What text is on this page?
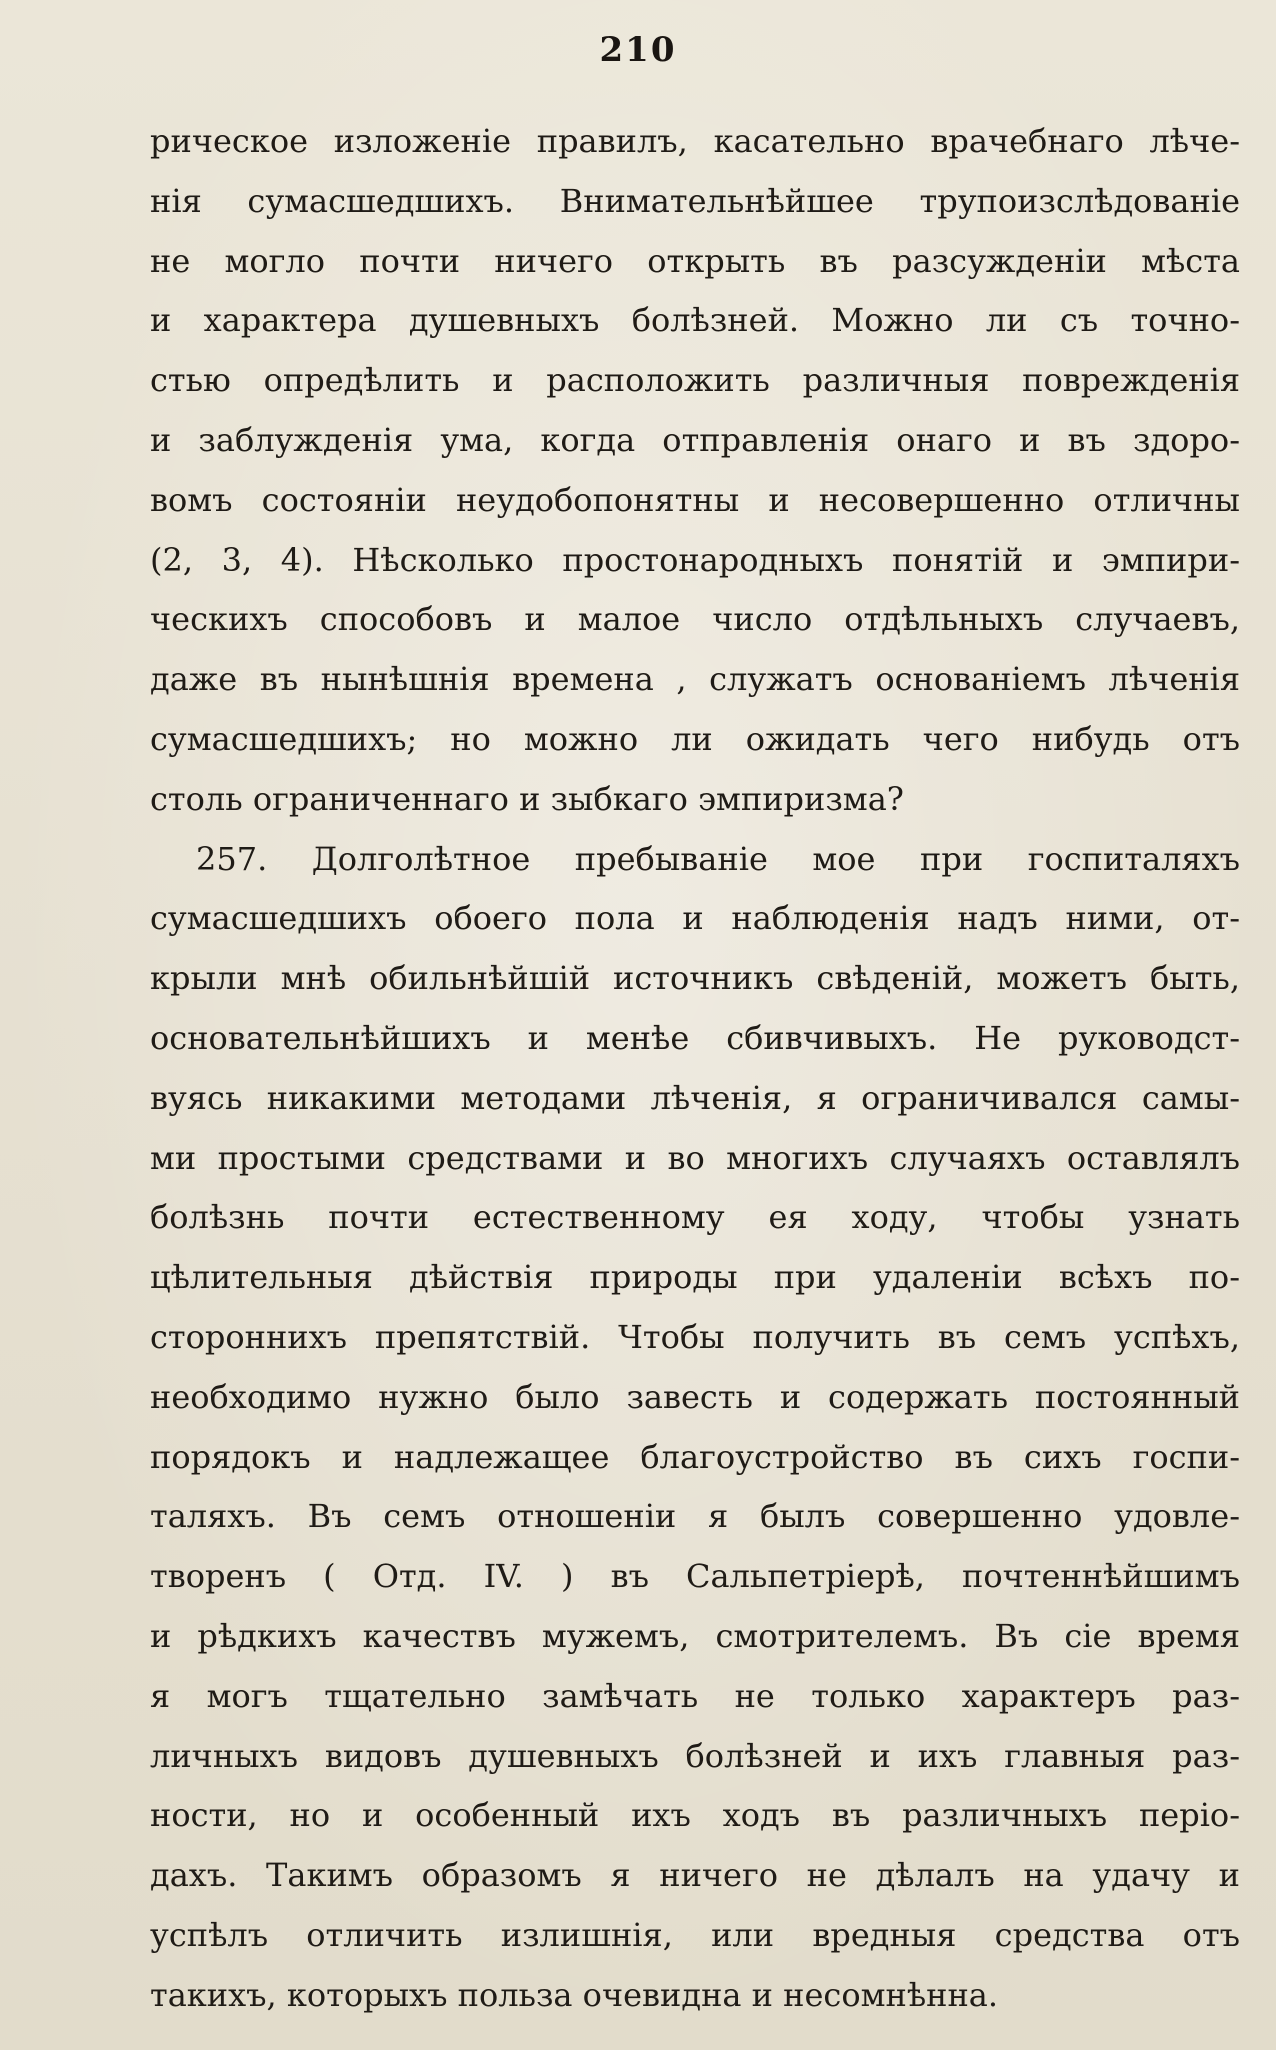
210
рическое изложенie правилъ, касательно врачебнаго лѣче-
нія сумасшедшихъ. Внимательнѣйшее трупоизслѣдованіе
не могло почти ничего открыть въ разсужденіи мѣста
и характера душевныхъ болѣзней. Можно ли съ точно-
стью опредѣлить и расположить различныя поврежденія
и заблужденія ума, когда отправленія онаго и въ здоро-
вомъ состояніи неудобопонятны и несовершенно отличны
(2, 3, 4). Нѣсколько простонародныхъ понятій и эмпири-
ческихъ способовъ и малое число отдѣльныхъ случаевъ,
даже въ нынѣшнія времена , служатъ основаніемъ лѣченія
сумасшедшихъ; но можно ли ожидать чего нибудь отъ
столь ограниченнаго и зыбкаго эмпиризма?
257. Долголѣтное пребываніе мое при госпиталяхъ
сумасшедшихъ обоего пола и наблюденія надъ ними, от-
крыли мнѣ обильнѣйшій источникъ свѣденій, можетъ быть,
основательнѣйшихъ и менѣе сбивчивыхъ. Не руководст-
вуясь никакими методами лѣченія, я ограничивался самы-
ми простыми средствами и во многихъ случаяхъ оставлялъ
болѣзнь почти естественному ея ходу, чтобы узнать
цѣлительныя дѣйствія природы при удаленіи всѣхъ по-
стороннихъ препятствій. Чтобы получить въ семъ успѣхъ,
необходимо нужно было завесть и содержать постоянный
порядокъ и надлежащее благоустройство въ сихъ госпи-
таляхъ. Въ семъ отношеніи я былъ совершенно удовле-
творенъ ( Отд. IV. ) въ Сальпетріерѣ, почтеннѣйшимъ
и рѣдкихъ качествъ мужемъ, смотрителемъ. Въ сіе время
я могъ тщательно замѣчать не только характеръ раз-
личныхъ видовъ душевныхъ болѣзней и ихъ главныя раз-
ности, но и особенный ихъ ходъ въ различныхъ періо-
дахъ. Такимъ образомъ я ничего не дѣлалъ на удачу и
успѣлъ отличить излишнія, или вредныя средства отъ
такихъ, которыхъ польза очевидна и несомнѣнна.
